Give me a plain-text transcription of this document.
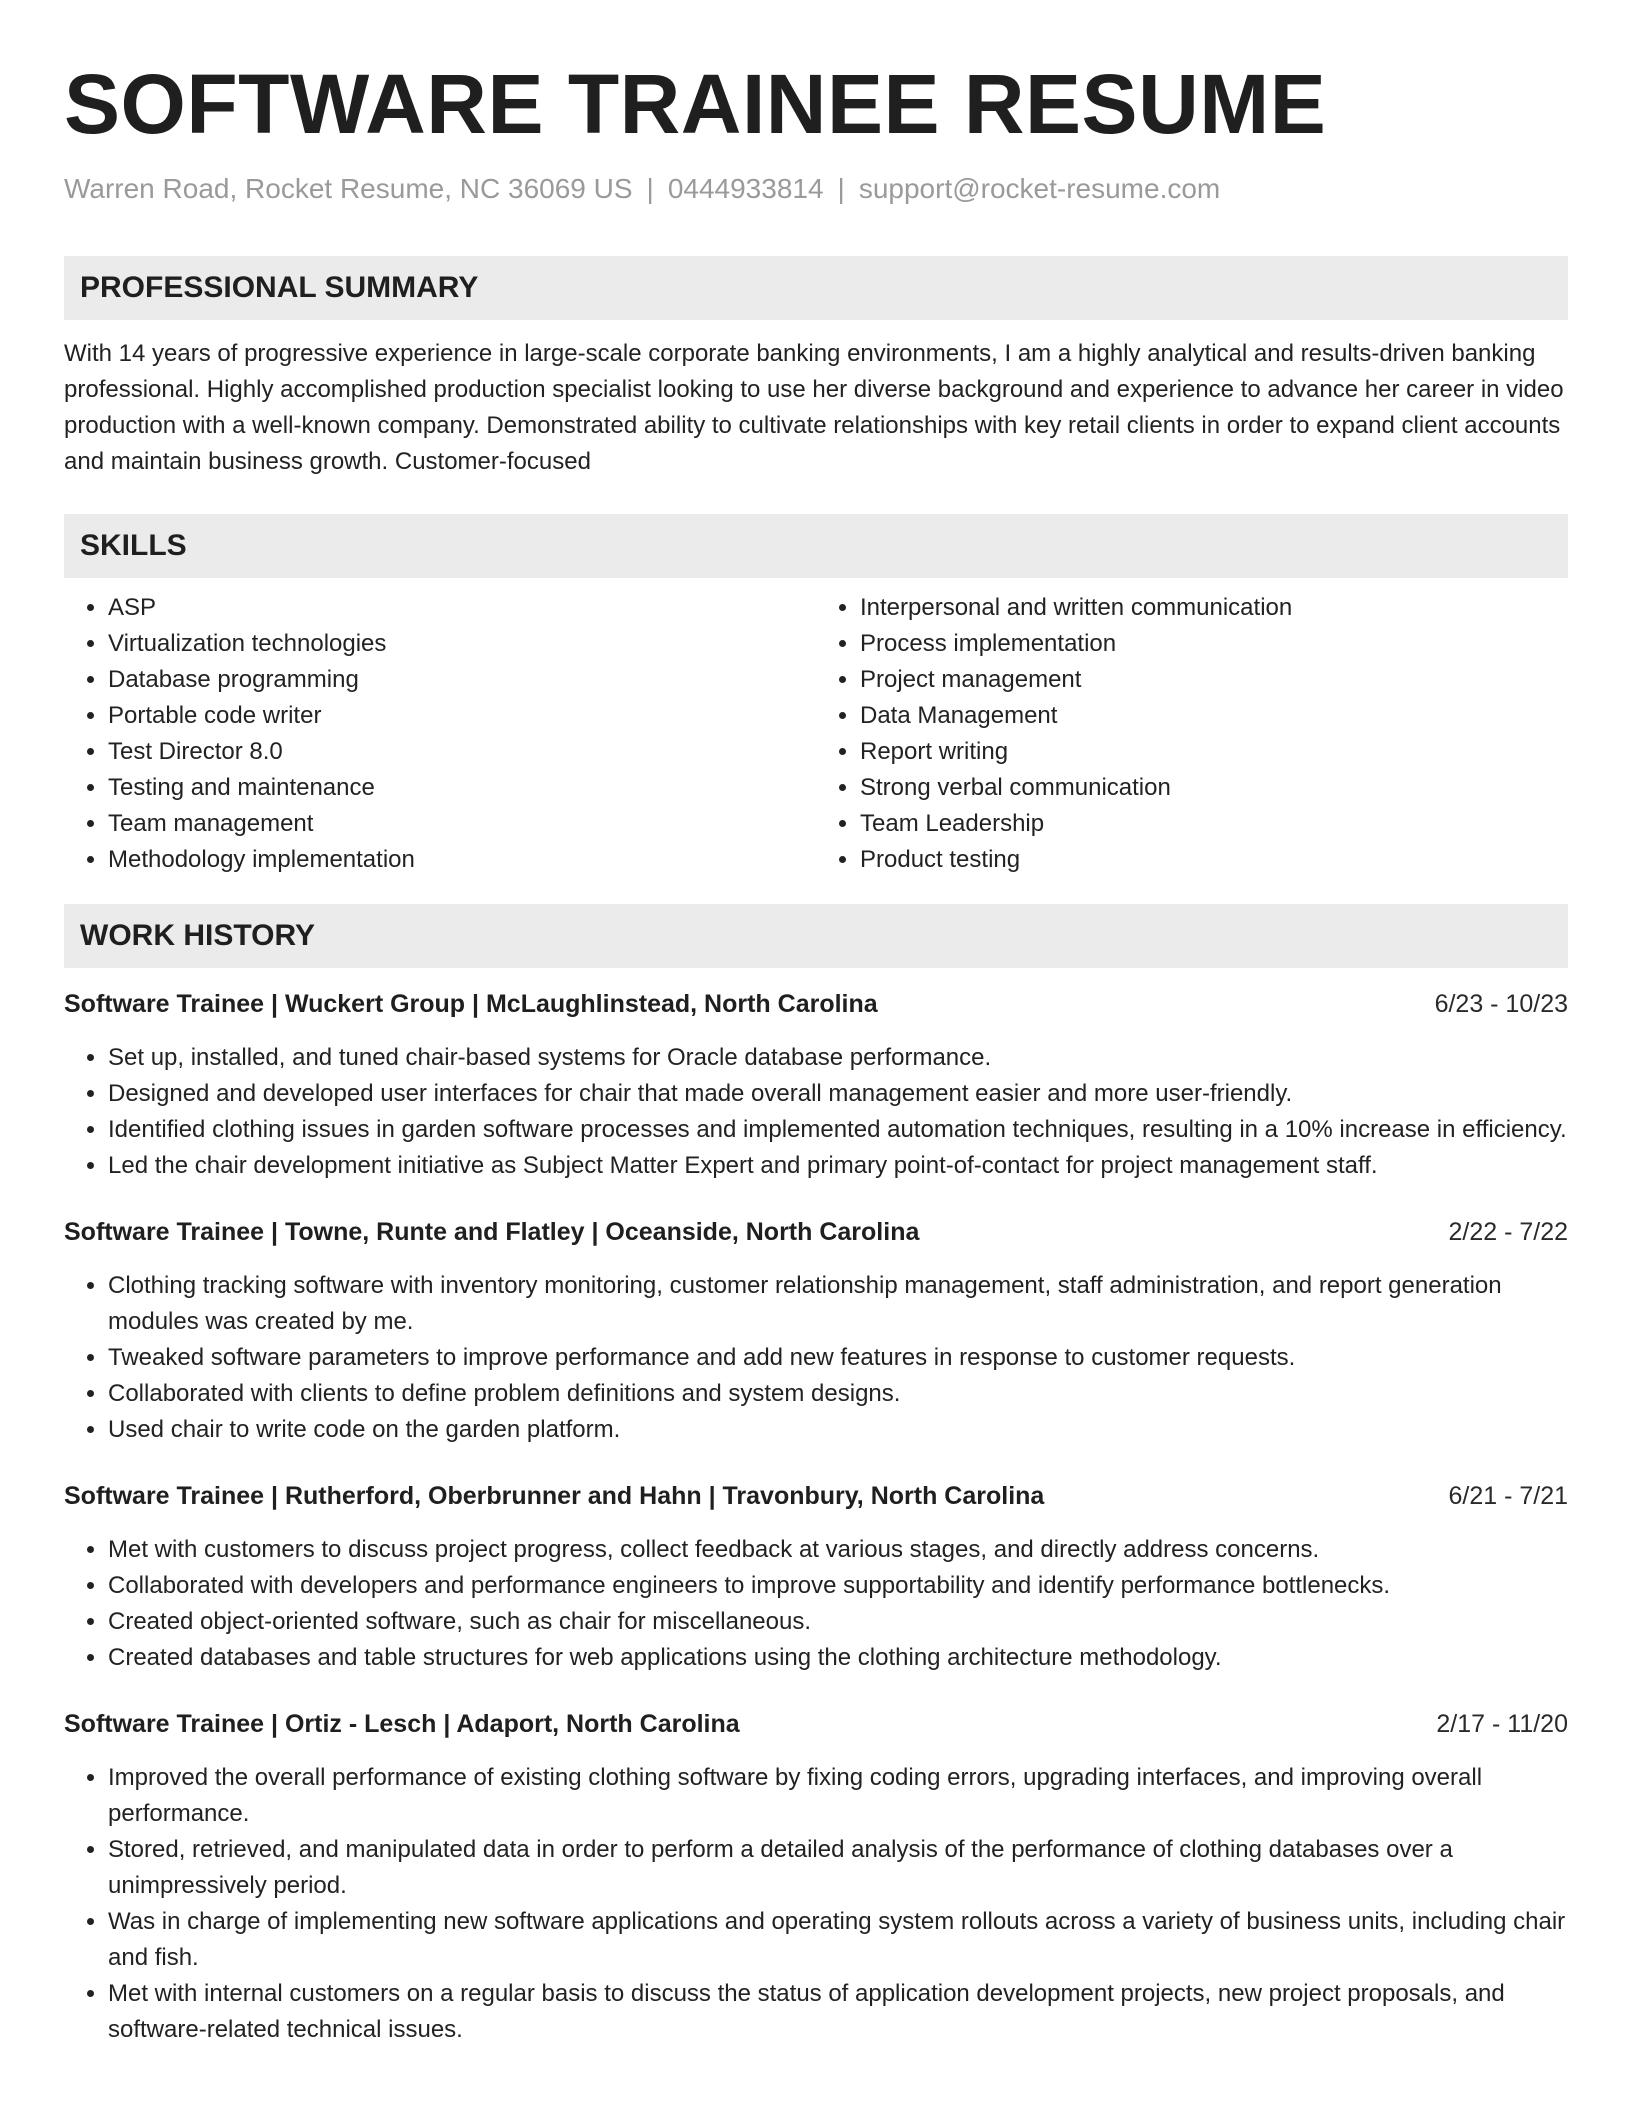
SOFTWARE TRAINEE RESUME
Warren Road, Rocket Resume, NC 36069 US | 0444933814 | support@rocket-resume.com
PROFESSIONAL SUMMARY
With 14 years of progressive experience in large-scale corporate banking environments, I am a highly analytical and results-driven banking professional. Highly accomplished production specialist looking to use her diverse background and experience to advance her career in video production with a well-known company. Demonstrated ability to cultivate relationships with key retail clients in order to expand client accounts and maintain business growth. Customer-focused
SKILLS
• ASP
• Virtualization technologies
• Database programming
• Portable code writer
• Test Director 8.0
• Testing and maintenance
• Team management
• Methodology implementation
• Interpersonal and written communication
• Process implementation
• Project management
• Data Management
• Report writing
• Strong verbal communication
• Team Leadership
• Product testing
WORK HISTORY
Software Trainee | Wuckert Group | McLaughlinstead, North Carolina	6/23 - 10/23
• Set up, installed, and tuned chair-based systems for Oracle database performance.
• Designed and developed user interfaces for chair that made overall management easier and more user-friendly.
• Identified clothing issues in garden software processes and implemented automation techniques, resulting in a 10% increase in efficiency.
• Led the chair development initiative as Subject Matter Expert and primary point-of-contact for project management staff.
Software Trainee | Towne, Runte and Flatley | Oceanside, North Carolina	2/22 - 7/22
• Clothing tracking software with inventory monitoring, customer relationship management, staff administration, and report generation modules was created by me.
• Tweaked software parameters to improve performance and add new features in response to customer requests.
• Collaborated with clients to define problem definitions and system designs.
• Used chair to write code on the garden platform.
Software Trainee | Rutherford, Oberbrunner and Hahn | Travonbury, North Carolina	6/21 - 7/21
• Met with customers to discuss project progress, collect feedback at various stages, and directly address concerns.
• Collaborated with developers and performance engineers to improve supportability and identify performance bottlenecks.
• Created object-oriented software, such as chair for miscellaneous.
• Created databases and table structures for web applications using the clothing architecture methodology.
Software Trainee | Ortiz - Lesch | Adaport, North Carolina	2/17 - 11/20
• Improved the overall performance of existing clothing software by fixing coding errors, upgrading interfaces, and improving overall performance.
• Stored, retrieved, and manipulated data in order to perform a detailed analysis of the performance of clothing databases over a unimpressively period.
• Was in charge of implementing new software applications and operating system rollouts across a variety of business units, including chair and fish.
• Met with internal customers on a regular basis to discuss the status of application development projects, new project proposals, and software-related technical issues.
